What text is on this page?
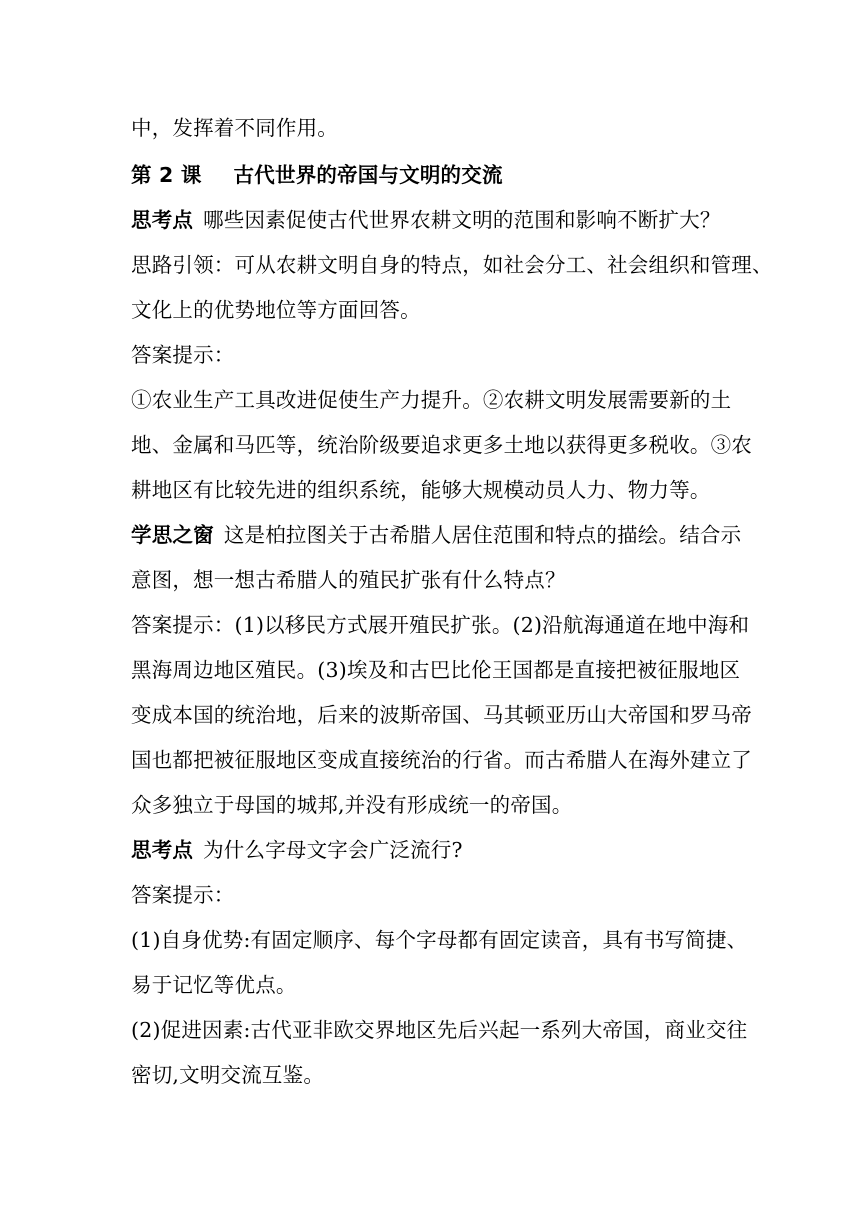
中，发挥着不同作用。
第 2 课 古代世界的帝国与文明的交流
思考点 哪些因素促使古代世界农耕文明的范围和影响不断扩大？
思路引领：可从农耕文明自身的特点，如社会分工、社会组织和管理、
文化上的优势地位等方面回答。
答案提示：
①农业生产工具改进促使生产力提升。②农耕文明发展需要新的土
地、金属和马匹等，统治阶级要追求更多土地以获得更多税收。③农
耕地区有比较先进的组织系统，能够大规模动员人力、物力等。
学思之窗 这是柏拉图关于古希腊人居住范围和特点的描绘。结合示
意图，想一想古希腊人的殖民扩张有什么特点？
答案提示：(1)以移民方式展开殖民扩张。(2)沿航海通道在地中海和
黑海周边地区殖民。(3)埃及和古巴比伦王国都是直接把被征服地区
变成本国的统治地，后来的波斯帝国、马其顿亚历山大帝国和罗马帝
国也都把被征服地区变成直接统治的行省。而古希腊人在海外建立了
众多独立于母国的城邦,并没有形成统一的帝国。
思考点 为什么字母文字会广泛流行?
答案提示：
(1)自身优势:有固定顺序、每个字母都有固定读音，具有书写简捷、
易于记忆等优点。
(2)促进因素:古代亚非欧交界地区先后兴起一系列大帝国，商业交往
密切,文明交流互鉴。
